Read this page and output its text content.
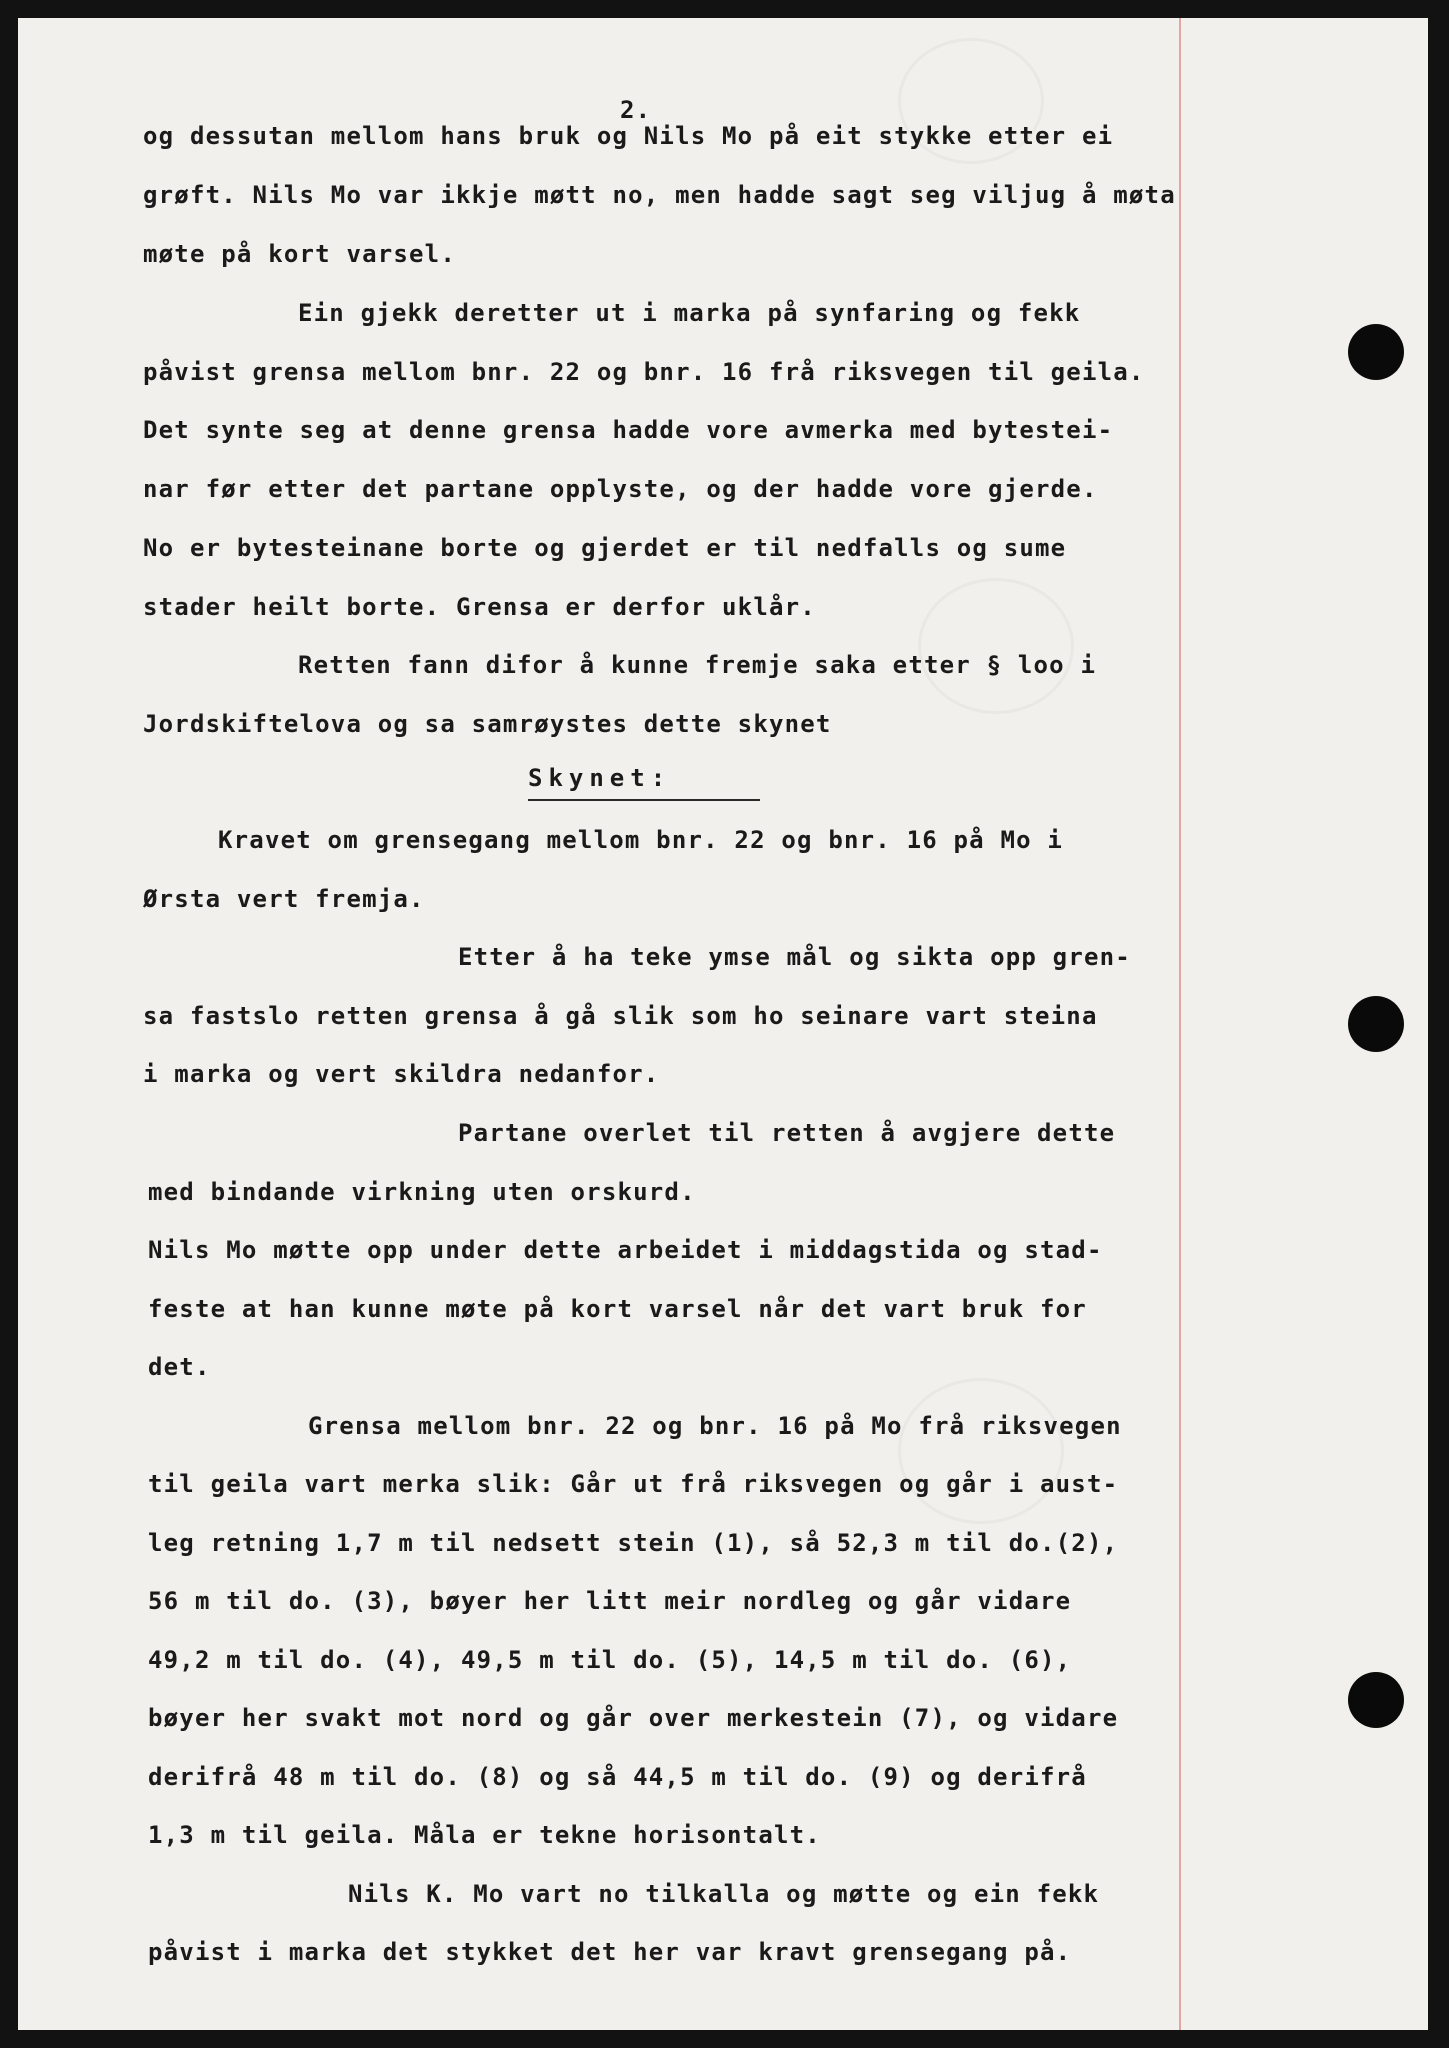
2.
og dessutan mellom hans bruk og Nils Mo på eit stykke etter ei
grøft. Nils Mo var ikkje møtt no, men hadde sagt seg viljug å møta
møte på kort varsel.
Ein gjekk deretter ut i marka på synfaring og fekk
påvist grensa mellom bnr. 22 og bnr. 16 frå riksvegen til geila.
Det synte seg at denne grensa hadde vore avmerka med bytestei-
nar før etter det partane opplyste, og der hadde vore gjerde.
No er bytesteinane borte og gjerdet er til nedfalls og sume
stader heilt borte. Grensa er derfor uklår.
Retten fann difor å kunne fremje saka etter § loo i
Jordskiftelova og sa samrøystes dette skynet
Skynet:
Kravet om grensegang mellom bnr. 22 og bnr. 16 på Mo i
Ørsta vert fremja.
Etter å ha teke ymse mål og sikta opp gren-
sa fastslo retten grensa å gå slik som ho seinare vart steina
i marka og vert skildra nedanfor.
Partane overlet til retten å avgjere dette
med bindande virkning uten orskurd.
Nils Mo møtte opp under dette arbeidet i middagstida og stad-
feste at han kunne møte på kort varsel når det vart bruk for
det.
Grensa mellom bnr. 22 og bnr. 16 på Mo frå riksvegen
til geila vart merka slik: Går ut frå riksvegen og går i aust-
leg retning 1,7 m til nedsett stein (1), så 52,3 m til do.(2),
56 m til do. (3), bøyer her litt meir nordleg og går vidare
49,2 m til do. (4), 49,5 m til do. (5), 14,5 m til do. (6),
bøyer her svakt mot nord og går over merkestein (7), og vidare
derifrå 48 m til do. (8) og så 44,5 m til do. (9) og derifrå
1,3 m til geila. Måla er tekne horisontalt.
Nils K. Mo vart no tilkalla og møtte og ein fekk
påvist i marka det stykket det her var kravt grensegang på.
